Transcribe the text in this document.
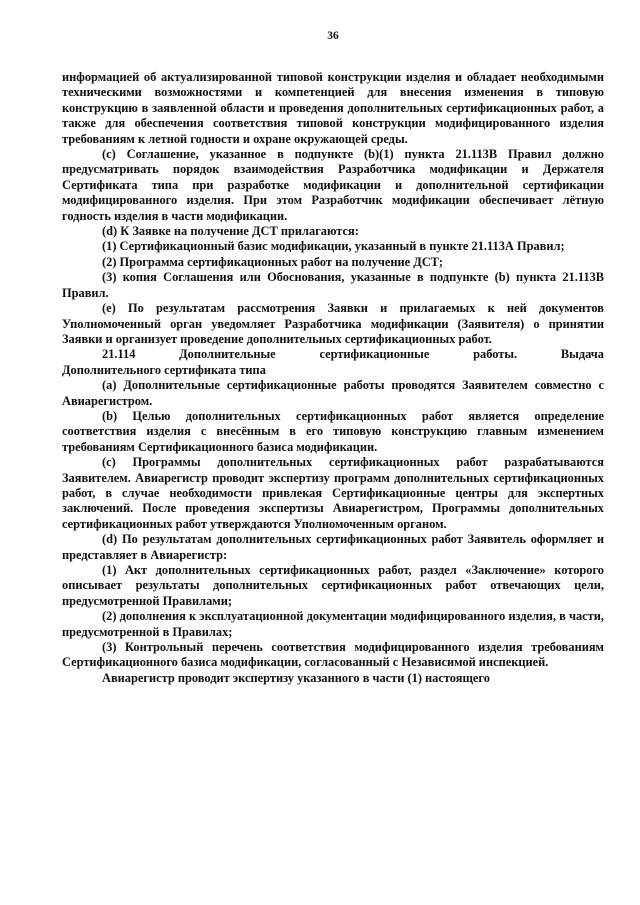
36

информацией об актуализированной типовой конструкции изделия и обладает необходимыми техническими возможностями и компетенцией для внесения изменения в типовую конструкцию в заявленной области и проведения дополнительных сертификационных работ, а также для обеспечения соответствия типовой конструкции модифицированного изделия требованиям к летной годности и охране окружающей среды.

(c) Соглашение, указанное в подпункте (b)(1) пункта 21.113В Правил должно предусматривать порядок взаимодействия Разработчика модификации и Держателя Сертификата типа при разработке модификации и дополнительной сертификации модифицированного изделия. При этом Разработчик модификации обеспечивает лётную годность изделия в части модификации.

(d) К Заявке на получение ДСТ прилагаются:

(1) Сертификационный базис модификации, указанный в пункте 21.113А Правил;

(2) Программа сертификационных работ на получение ДСТ;

(3) копия Соглашения или Обоснования, указанные в подпункте (b) пункта 21.113В Правил.

(e) По результатам рассмотрения Заявки и прилагаемых к ней документов Уполномоченный орган уведомляет Разработчика модификации (Заявителя) о принятии Заявки и организует проведение дополнительных сертификационных работ.

21.114	Дополнительные	сертификационные	работы.	Выдача
Дополнительного сертификата типа

(a) Дополнительные сертификационные работы проводятся Заявителем совместно с Авиарегистром.

(b) Целью дополнительных сертификационных работ является определение соответствия изделия с внесённым в его типовую конструкцию главным изменением требованиям Сертификационного базиса модификации.

(c) Программы дополнительных сертификационных работ разрабатываются Заявителем. Авиарегистр проводит экспертизу программ дополнительных сертификационных работ, в случае необходимости привлекая Сертификационные центры для экспертных заключений. После проведения экспертизы Авиарегистром, Программы дополнительных сертификационных работ утверждаются Уполномоченным органом.

(d) По результатам дополнительных сертификационных работ Заявитель оформляет и представляет в Авиарегистр:

(1) Акт дополнительных сертификационных работ, раздел «Заключение» которого описывает результаты дополнительных сертификационных работ отвечающих цели, предусмотренной Правилами;

(2) дополнения к эксплуатационной документации модифицированного изделия, в части, предусмотренной в Правилах;

(3) Контрольный перечень соответствия модифицированного изделия требованиям Сертификационного базиса модификации, согласованный с Независимой инспекцией.

Авиарегистр проводит экспертизу указанного в части (1) настоящего
